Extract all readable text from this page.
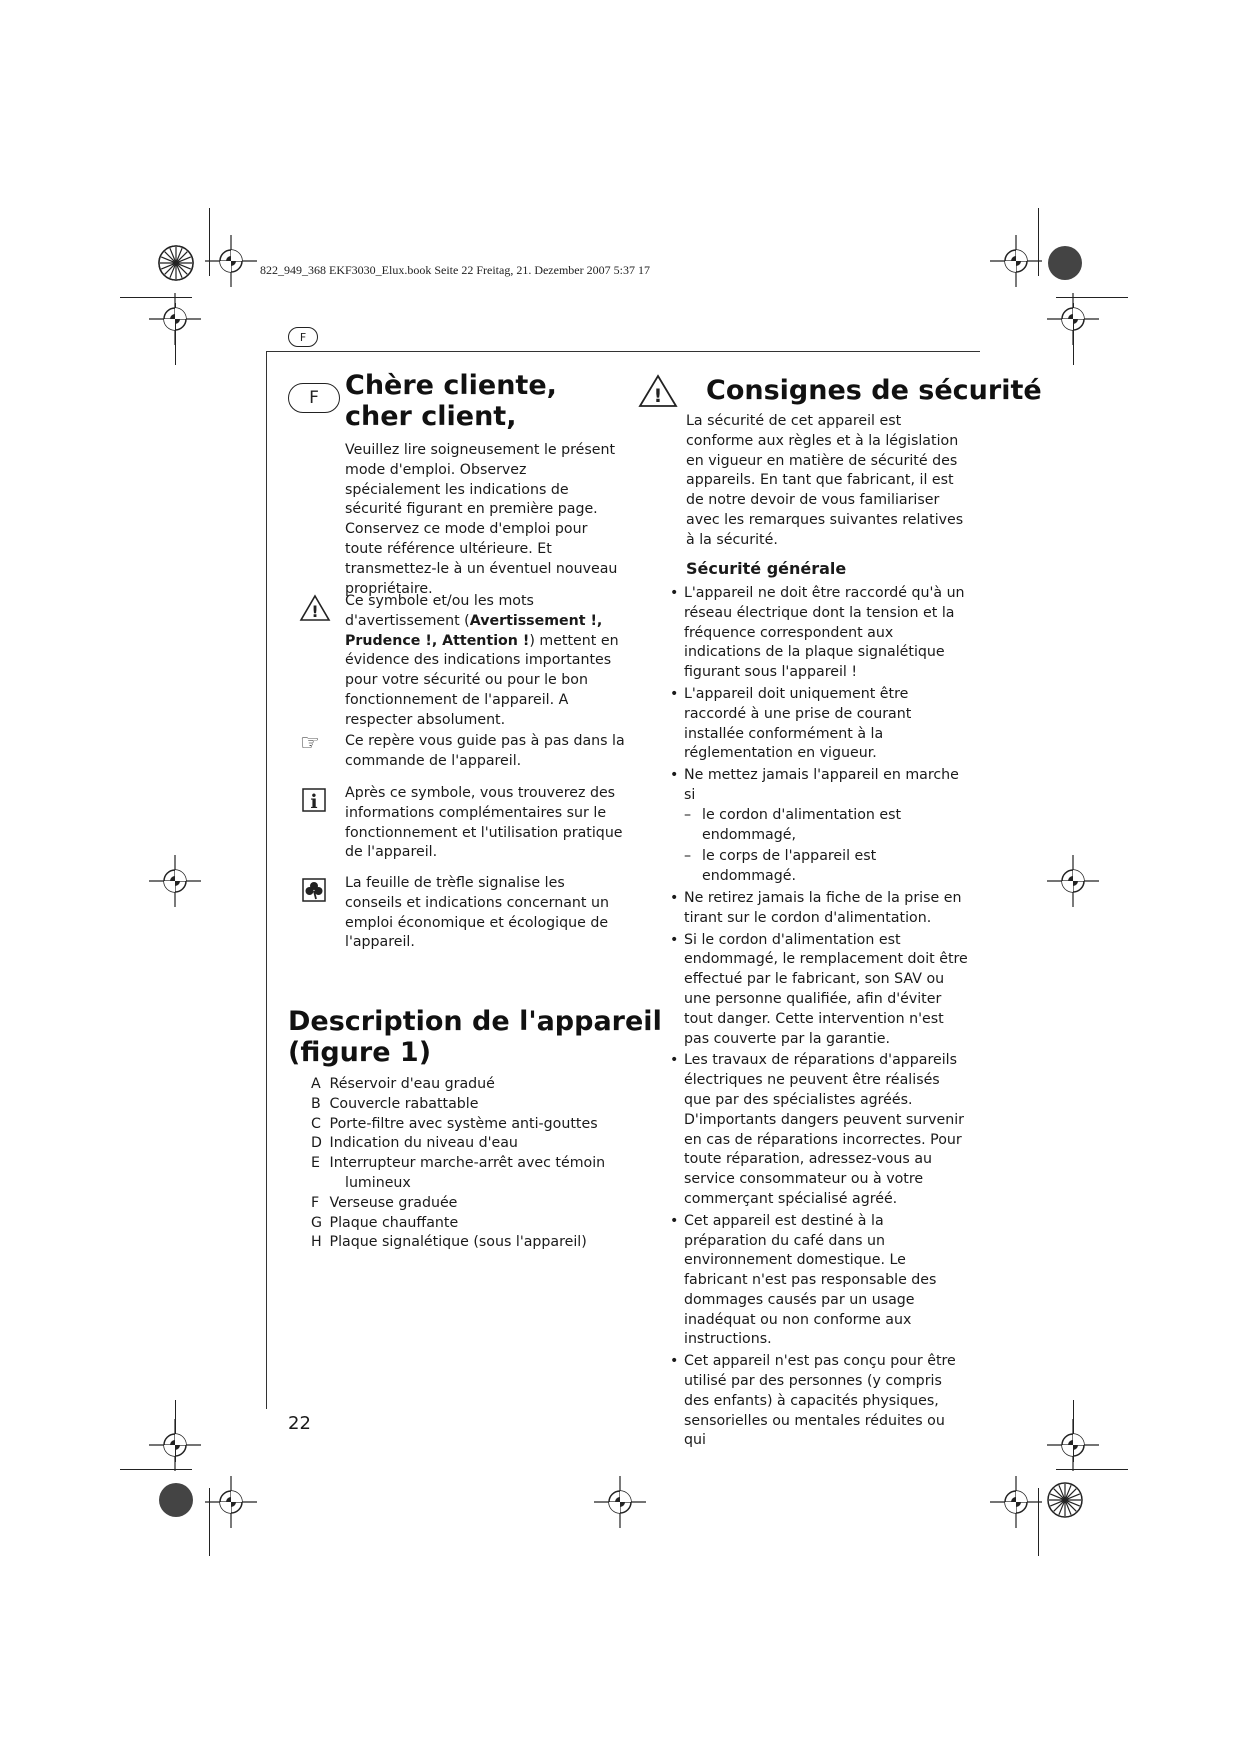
822_949_368 EKF3030_Elux.book Seite 22 Freitag, 21. Dezember 2007 5:37 17
F
F Chère cliente,
cher client,

Veuillez lire soigneusement le présent mode d'emploi. Observez spécialement les indications de sécurité figurant en première page. Conservez ce mode d'emploi pour toute référence ultérieure. Et transmettez-le à un éventuel nouveau propriétaire.

!

Ce symbole et/ou les mots d'avertissement (Avertissement !, Prudence !, Attention !) mettent en évidence des indications importantes pour votre sécurité ou pour le bon fonctionnement de l'appareil. A respecter absolument.

☞ Ce repère vous guide pas à pas dans la commande de l'appareil.

i Après ce symbole, vous trouverez des informations complémentaires sur le fonctionnement et l'utilisation pratique de l'appareil.

La feuille de trèfle signalise les conseils et indications concernant un emploi économique et écologique de l'appareil.

Description de l'appareil
(figure 1)
A Réservoir d'eau gradué
B Couvercle rabattable
C Porte-filtre avec système anti-gouttes
D Indication du niveau d'eau
E Interrupteur marche-arrêt avec témoin lumineux
F Verseuse graduée
G Plaque chauffante
H Plaque signalétique (sous l'appareil)
22
! Consignes de sécurité

La sécurité de cet appareil est conforme aux règles et à la législation en vigueur en matière de sécurité des appareils. En tant que fabricant, il est de notre devoir de vous familiariser avec les remarques suivantes relatives à la sécurité.

Sécurité générale
• L'appareil ne doit être raccordé qu'à un réseau électrique dont la tension et la fréquence correspondent aux indications de la plaque signalétique figurant sous l'appareil !
• L'appareil doit uniquement être raccordé à une prise de courant installée conformément à la réglementation en vigueur.
• Ne mettez jamais l'appareil en marche si
– le cordon d'alimentation est endommagé,
– le corps de l'appareil est endommagé.
• Ne retirez jamais la fiche de la prise en tirant sur le cordon d'alimentation.
• Si le cordon d'alimentation est endommagé, le remplacement doit être effectué par le fabricant, son SAV ou une personne qualifiée, afin d'éviter tout danger. Cette intervention n'est pas couverte par la garantie.
• Les travaux de réparations d'appareils électriques ne peuvent être réalisés que par des spécialistes agréés. D'importants dangers peuvent survenir en cas de réparations incorrectes. Pour toute réparation, adressez-vous au service consommateur ou à votre commerçant spécialisé agréé.
• Cet appareil est destiné à la préparation du café dans un environnement domestique. Le fabricant n'est pas responsable des dommages causés par un usage inadéquat ou non conforme aux instructions.
• Cet appareil n'est pas conçu pour être utilisé par des personnes (y compris des enfants) à capacités physiques, sensorielles ou mentales réduites ou qui
